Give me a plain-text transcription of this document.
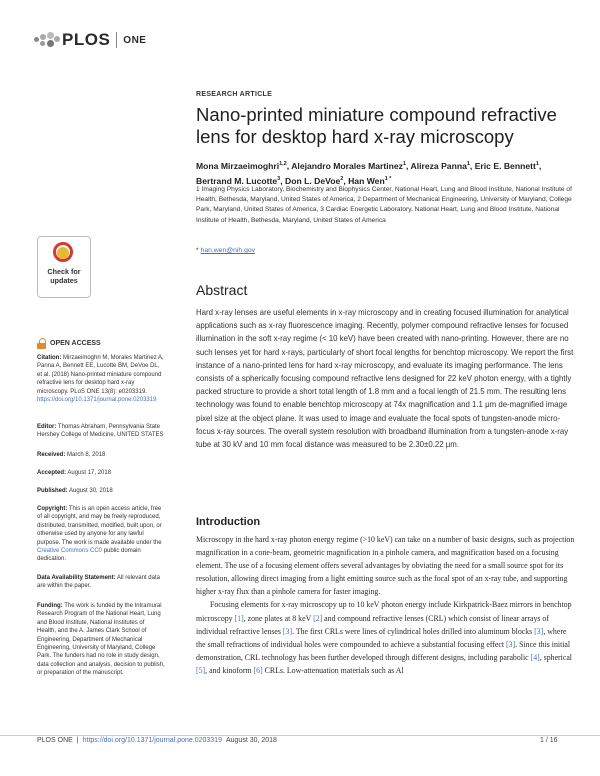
PLOS ONE
RESEARCH ARTICLE
Nano-printed miniature compound refractive lens for desktop hard x-ray microscopy
Mona Mirzaeimoghri$^{1,2}$, Alejandro Morales Martinez$^1$, Alireza Panna$^1$, Eric E. Bennett$^1$, Bertrand M. Lucotte$^3$, Don L. DeVoe$^2$, Han Wen$^{1 *}$
1 Imaging Physics Laboratory, Biochemistry and Biophysics Center, National Heart, Lung and Blood Institute, National Institute of Health, Bethesda, Maryland, United States of America, 2 Department of Mechanical Engineering, University of Maryland, College Park, Maryland, United States of America, 3 Cardiac Energetic Laboratory, National Heart, Lung and Blood Institute, National Institute of Health, Bethesda, Maryland, United States of America
* han.wen@nih.gov
Check for updates
OPEN ACCESS
Citation: Mirzaeimoghri M, Morales Martinez A, Panna A, Bennett EE, Lucotte BM, DeVoe DL, et al. (2018) Nano-printed miniature compound refractive lens for desktop hard x-ray microscopy. PLoS ONE 13(8): e0203319. https://doi.org/10.1371/journal.pone.0203319
Editor: Thomas Abraham, Pennsylvania State Hershey College of Medicine, UNITED STATES
Received: March 8, 2018
Accepted: August 17, 2018
Published: August 30, 2018
Copyright: This is an open access article, free of all copyright, and may be freely reproduced, distributed, transmitted, modified, built upon, or otherwise used by anyone for any lawful purpose. The work is made available under the Creative Commons CC0 public domain dedication.
Data Availability Statement: All relevant data are within the paper.
Funding: The work is funded by the Intramural Research Program of the National Heart, Lung and Blood Institute, National Institutes of Health, and the A. James Clark School of Engineering, Department of Mechanical Engineering, University of Maryland, College Park. The funders had no role in study design, data collection and analysis, decision to publish, or preparation of the manuscript.
Abstract

Hard x-ray lenses are useful elements in x-ray microscopy and in creating focused illumination for analytical applications such as x-ray fluorescence imaging. Recently, polymer compound refractive lenses for focused illumination in the soft x-ray regime (< 10 keV) have been created with nano-printing. However, there are no such lenses yet for hard x-rays, particularly of short focal lengths for benchtop microscopy. We report the first instance of a nano-printed lens for hard x-ray microscopy, and evaluate its imaging performance. The lens consists of a spherically focusing compound refractive lens designed for 22 keV photon energy, with a tightly packed structure to provide a short total length of 1.8 mm and a focal length of 21.5 mm. The resulting lens technology was found to enable benchtop microscopy at 74x magnification and 1.1 μm de-magnified image pixel size at the object plane. It was used to image and evaluate the focal spots of tungsten-anode micro-focus x-ray sources. The overall system resolution with broadband illumination from a tungsten-anode x-ray tube at 30 kV and 10 mm focal distance was measured to be 2.30±0.22 μm.

Introduction

Microscopy in the hard x-ray photon energy regime (>10 keV) can take on a number of basic designs, such as projection magnification in a cone-beam, geometric magnification in a pinhole camera, and magnification based on a focusing element. The use of a focusing element offers several advantages by obviating the need for a small source spot for its resolution, allowing direct imaging from a light emitting source such as the focal spot of an x-ray tube, and supporting higher x-ray flux than a pinhole camera for faster imaging.

Focusing elements for x-ray microscopy up to 10 keV photon energy include Kirkpatrick-Baez mirrors in benchtop microscopy [1], zone plates at 8 keV [2] and compound refractive lenses (CRL) which consist of linear arrays of individual refractive lenses [3]. The first CRLs were lines of cylindrical holes drilled into aluminum blocks [3], where the small refractions of individual holes were compounded to achieve a substantial focusing effect [3]. Since this initial demonstration, CRL technology has been further developed through different designs, including parabolic [4], spherical [5], and kinoform [6] CRLs. Low-attenuation materials such as Al

PLOS ONE | https://doi.org/10.1371/journal.pone.0203319 August 30, 2018	1 / 16
